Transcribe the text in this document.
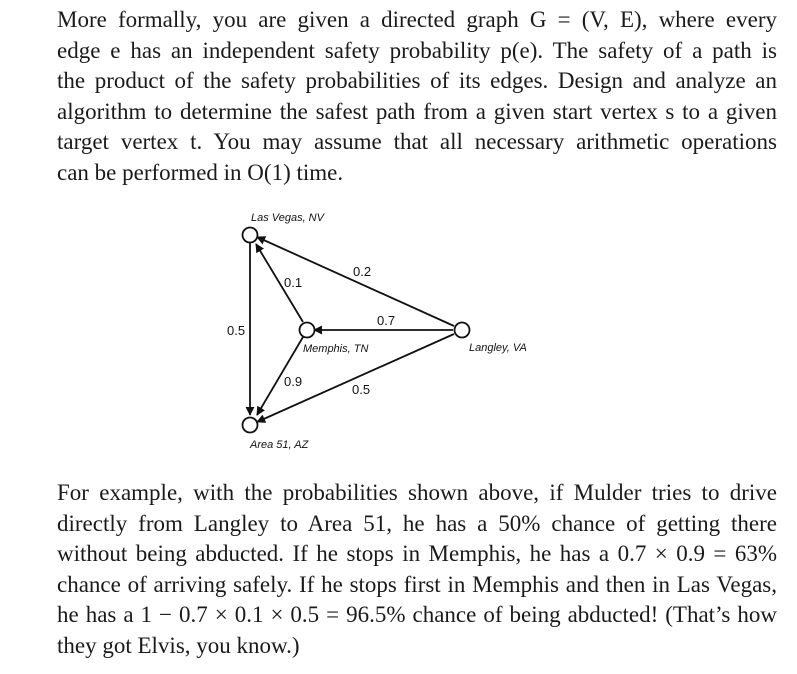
More formally, you are given a directed graph G = (V, E), where every
edge e has an independent safety probability p(e). The safety of a path is
the product of the safety probabilities of its edges. Design and analyze an
algorithm to determine the safest path from a given start vertex s to a given
target vertex t. You may assume that all necessary arithmetic operations
can be performed in O(1) time.
Las Vegas, NV
Memphis, TN	Langley, VA
Area 51, AZ
0.2
0.1
0.7
0.5
0.9
0.5
For example, with the probabilities shown above, if Mulder tries to drive
directly from Langley to Area 51, he has a 50% chance of getting there
without being abducted. If he stops in Memphis, he has a 0.7 × 0.9 = 63%
chance of arriving safely. If he stops first in Memphis and then in Las Vegas,
he has a 1 − 0.7 × 0.1 × 0.5 = 96.5% chance of being abducted! (That’s how
they got Elvis, you know.)
